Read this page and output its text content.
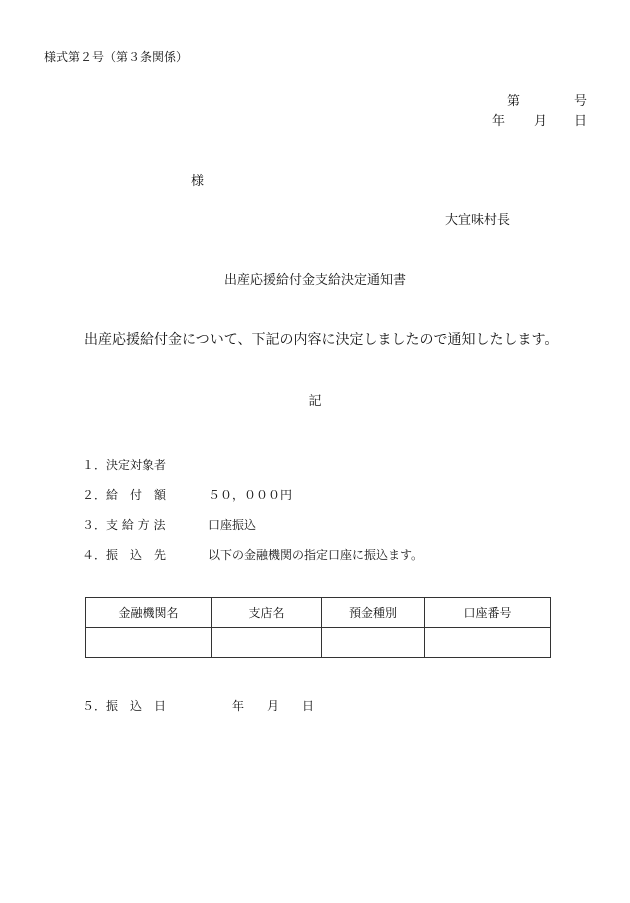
様式第２号（第３条関係）
第	号
年 月 日
様
大宜味村長
出産応援給付金支給決定通知書
出産応援給付金について、下記の内容に決定しましたので通知したします。
記
１．決定対象者
２．給　付　額	５０，０００円
３．支 給 方 法	口座振込
４．振　込　先	以下の金融機関の指定口座に振込ます。
金融機関名	支店名	預金種別	口座番号

５．振　込　日	年 月 日
